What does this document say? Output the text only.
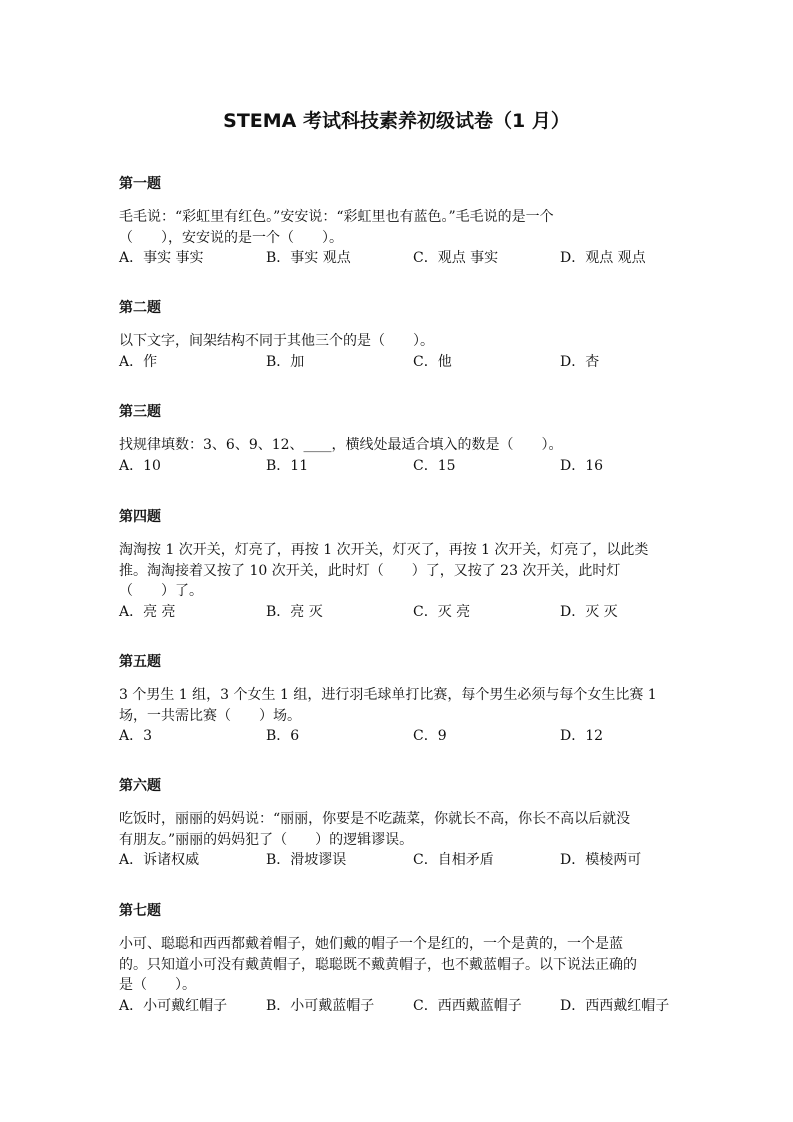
STEMA 考试科技素养初级试卷（1 月）
第一题
毛毛说：“彩虹里有红色。”安安说：“彩虹里也有蓝色。”毛毛说的是一个
（　　），安安说的是一个（　　）。
A．事实 事实	B．事实 观点	C．观点 事实	D．观点 观点
第二题
以下文字，间架结构不同于其他三个的是（　　）。
A．作	B．加	C．他	D．杏
第三题
找规律填数：3、6、9、12、____，横线处最适合填入的数是（　　）。
A．10	B．11	C．15	D．16
第四题
淘淘按 1 次开关，灯亮了，再按 1 次开关，灯灭了，再按 1 次开关，灯亮了，以此类
推。淘淘接着又按了 10 次开关，此时灯（　　）了，又按了 23 次开关，此时灯
（　　）了。
A．亮 亮	B．亮 灭	C．灭 亮	D．灭 灭
第五题
3 个男生 1 组，3 个女生 1 组，进行羽毛球单打比赛，每个男生必须与每个女生比赛 1
场，一共需比赛（　　）场。
A．3	B．6	C．9	D．12
第六题
吃饭时，丽丽的妈妈说：“丽丽，你要是不吃蔬菜，你就长不高，你长不高以后就没
有朋友。”丽丽的妈妈犯了（　　）的逻辑谬误。
A．诉诸权威	B．滑坡谬误	C．自相矛盾	D．模棱两可
第七题
小可、聪聪和西西都戴着帽子，她们戴的帽子一个是红的，一个是黄的，一个是蓝
的。只知道小可没有戴黄帽子，聪聪既不戴黄帽子，也不戴蓝帽子。以下说法正确的
是（　　）。
A．小可戴红帽子	B．小可戴蓝帽子	C．西西戴蓝帽子	D．西西戴红帽子
